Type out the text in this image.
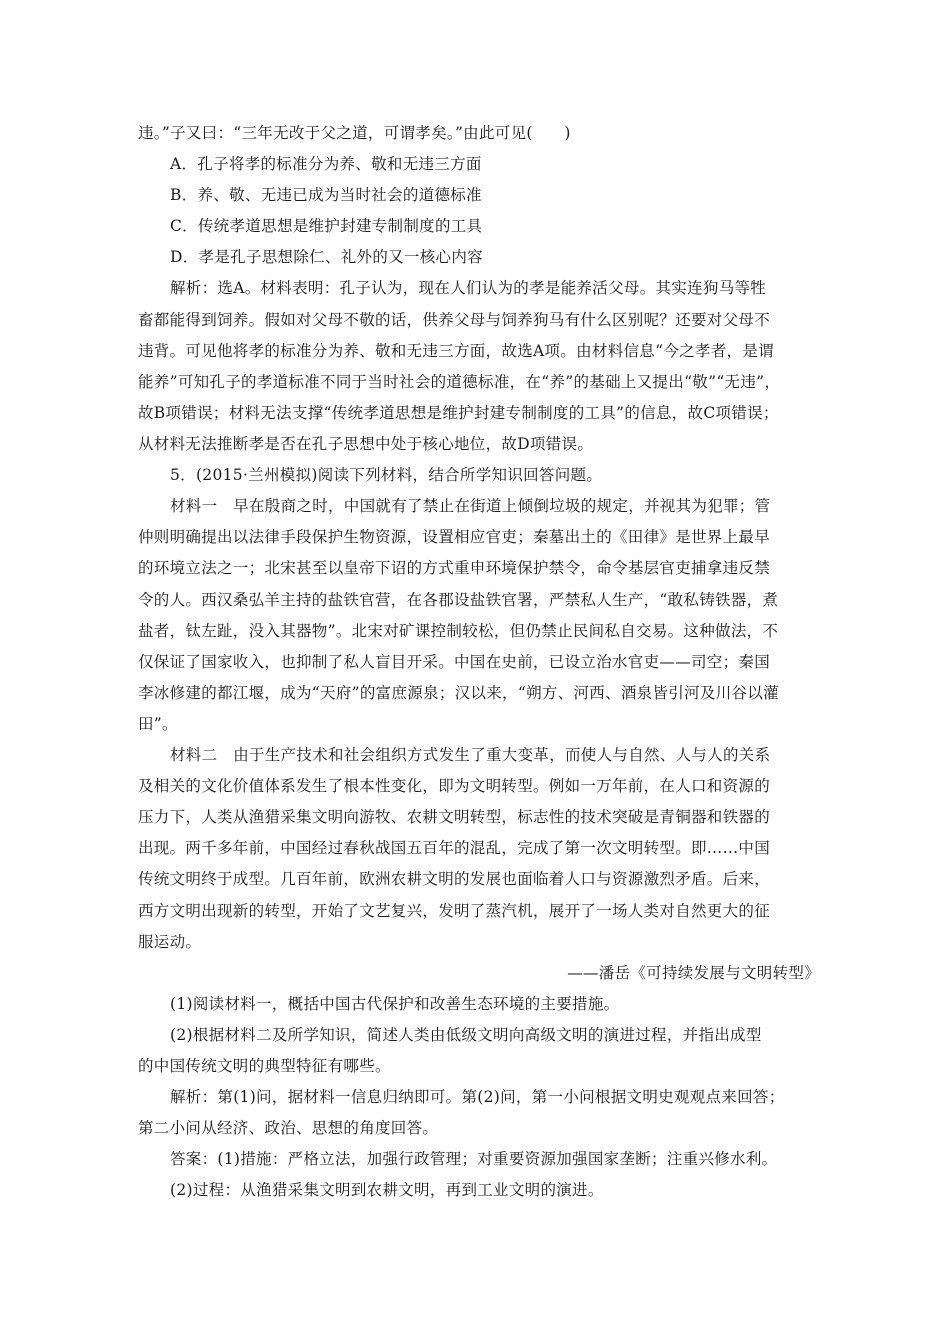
违。”子又曰：“三年无改于父之道，可谓孝矣。”由此可见(　　)
A．孔子将孝的标准分为养、敬和无违三方面
B．养、敬、无违已成为当时社会的道德标准
C．传统孝道思想是维护封建专制制度的工具
D．孝是孔子思想除仁、礼外的又一核心内容
解析：选A。材料表明：孔子认为，现在人们认为的孝是能养活父母。其实连狗马等牲
畜都能得到饲养。假如对父母不敬的话，供养父母与饲养狗马有什么区别呢？还要对父母不
违背。可见他将孝的标准分为养、敬和无违三方面，故选A项。由材料信息“今之孝者，是谓
能养”可知孔子的孝道标准不同于当时社会的道德标准，在“养”的基础上又提出“敬”“无违”，
故B项错误；材料无法支撑“传统孝道思想是维护封建专制制度的工具”的信息，故C项错误；
从材料无法推断孝是否在孔子思想中处于核心地位，故D项错误。
5．(2015·兰州模拟)阅读下列材料，结合所学知识回答问题。
材料一　早在殷商之时，中国就有了禁止在街道上倾倒垃圾的规定，并视其为犯罪；管
仲则明确提出以法律手段保护生物资源，设置相应官吏；秦墓出土的《田律》是世界上最早
的环境立法之一；北宋甚至以皇帝下诏的方式重申环境保护禁令，命令基层官吏捕拿违反禁
令的人。西汉桑弘羊主持的盐铁官营，在各郡设盐铁官署，严禁私人生产，“敢私铸铁器，煮
盐者，钛左趾，没入其器物”。北宋对矿课控制较松，但仍禁止民间私自交易。这种做法，不
仅保证了国家收入，也抑制了私人盲目开采。中国在史前，已设立治水官吏——司空；秦国
李冰修建的都江堰，成为“天府”的富庶源泉；汉以来，“朔方、河西、酒泉皆引河及川谷以灌
田”。
材料二　由于生产技术和社会组织方式发生了重大变革，而使人与自然、人与人的关系
及相关的文化价值体系发生了根本性变化，即为文明转型。例如一万年前，在人口和资源的
压力下，人类从渔猎采集文明向游牧、农耕文明转型，标志性的技术突破是青铜器和铁器的
出现。两千多年前，中国经过春秋战国五百年的混乱，完成了第一次文明转型。即……中国
传统文明终于成型。几百年前，欧洲农耕文明的发展也面临着人口与资源激烈矛盾。后来，
西方文明出现新的转型，开始了文艺复兴，发明了蒸汽机，展开了一场人类对自然更大的征
服运动。
——潘岳《可持续发展与文明转型》
(1)阅读材料一，概括中国古代保护和改善生态环境的主要措施。
(2)根据材料二及所学知识，简述人类由低级文明向高级文明的演进过程，并指出成型
的中国传统文明的典型特征有哪些。
解析：第(1)问，据材料一信息归纳即可。第(2)问，第一小问根据文明史观观点来回答；
第二小问从经济、政治、思想的角度回答。
答案：(1)措施：严格立法，加强行政管理；对重要资源加强国家垄断；注重兴修水利。
(2)过程：从渔猎采集文明到农耕文明，再到工业文明的演进。
